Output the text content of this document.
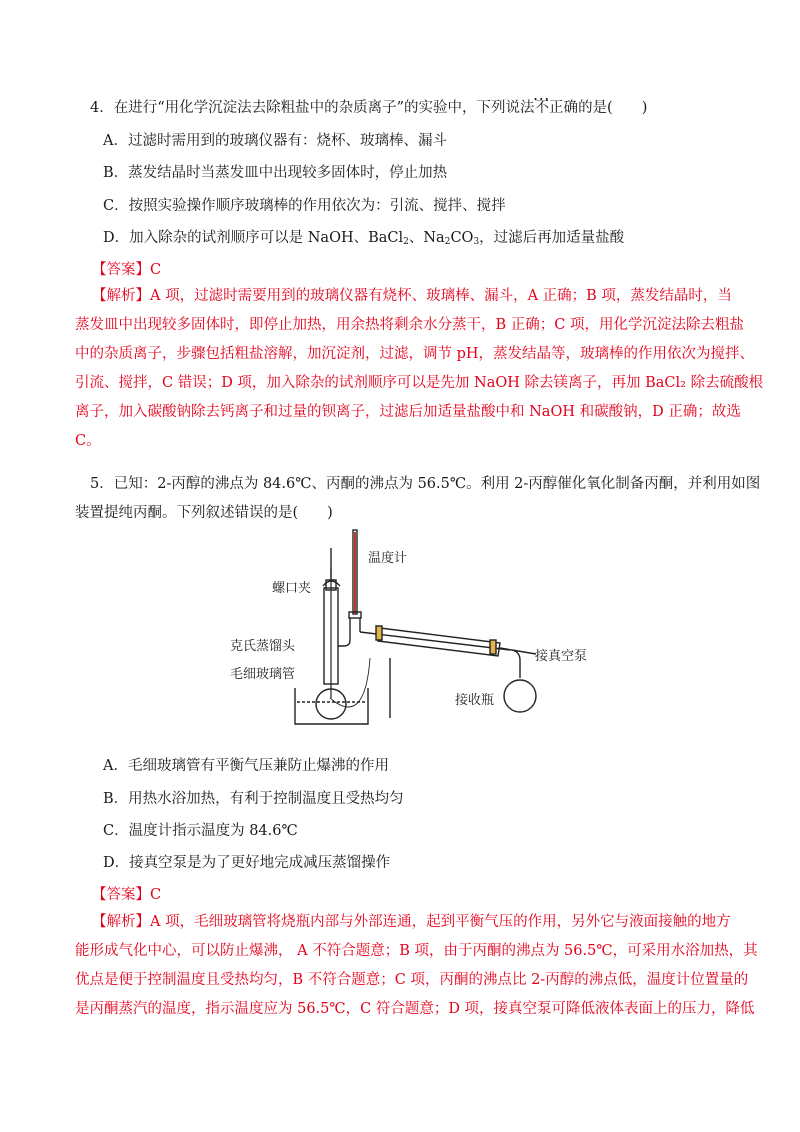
4．在进行“用化学沉淀法去除粗盐中的杂质离子”的实验中，下列说法· · · 不正确的是(　　)
A．过滤时需用到的玻璃仪器有：烧杯、玻璃棒、漏斗
B．蒸发结晶时当蒸发皿中出现较多固体时，停止加热
C．按照实验操作顺序玻璃棒的作用依次为：引流、搅拌、搅拌
D．加入除杂的试剂顺序可以是 NaOH、BaCl$_2$、$Na_2CO_3$，过滤后再加适量盐酸
【答案】C
【解析】A 项，过滤时需要用到的玻璃仪器有烧杯、玻璃棒、漏斗，A 正确；B 项，蒸发结晶时，当
蒸发皿中出现较多固体时，即停止加热，用余热将剩余水分蒸干，B 正确；C 项，用化学沉淀法除去粗盐
中的杂质离子，步骤包括粗盐溶解，加沉淀剂，过滤，调节 pH，蒸发结晶等，玻璃棒的作用依次为搅拌、
引流、搅拌，C 错误；D 项，加入除杂的试剂顺序可以是先加 NaOH 除去镁离子，再加 BaCl₂ 除去硫酸根
离子，加入碳酸钠除去钙离子和过量的钡离子，过滤后加适量盐酸中和 NaOH 和碳酸钠，D 正确；故选
C。
5．已知：2-丙醇的沸点为 84.6℃、丙酮的沸点为 56.5℃。利用 2-丙醇催化氧化制备丙酮，并利用如图
装置提纯丙酮。下列叙述错误的是(　　)
螺口夹
温度计
克氏蒸馏头
毛细玻璃管
接真空泵
接收瓶
A．毛细玻璃管有平衡气压兼防止爆沸的作用
B．用热水浴加热，有利于控制温度且受热均匀
C．温度计指示温度为 84.6℃
D．接真空泵是为了更好地完成减压蒸馏操作
【答案】C
【解析】A 项，毛细玻璃管将烧瓶内部与外部连通，起到平衡气压的作用，另外它与液面接触的地方
能形成气化中心，可以防止爆沸， A 不符合题意；B 项，由于丙酮的沸点为 56.5℃，可采用水浴加热，其
优点是便于控制温度且受热均匀，B 不符合题意；C 项，丙酮的沸点比 2-丙醇的沸点低，温度计位置量的
是丙酮蒸汽的温度，指示温度应为 56.5℃，C 符合题意；D 项，接真空泵可降低液体表面上的压力，降低
